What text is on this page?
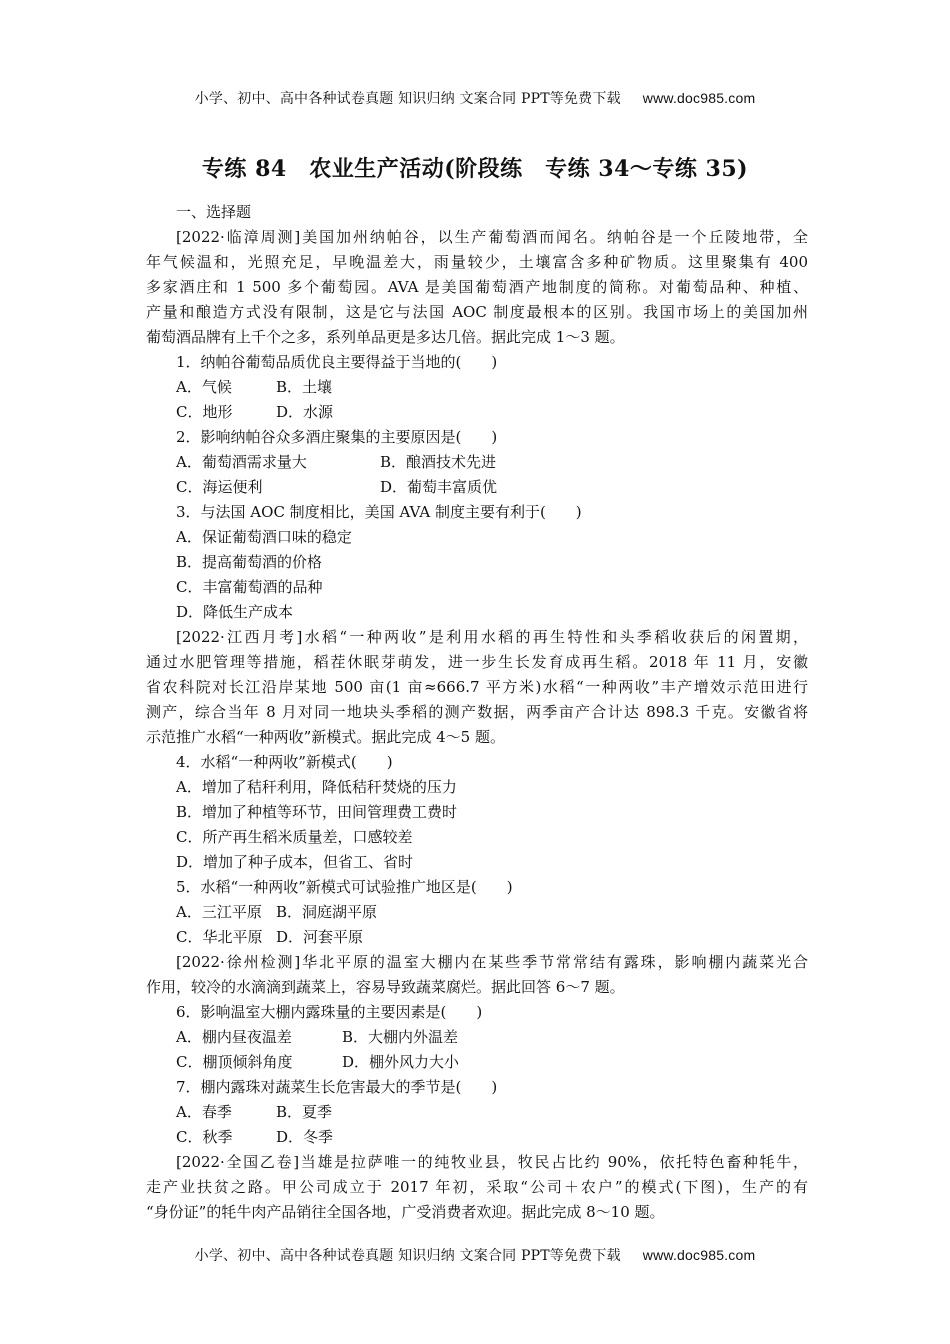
小学、初中、高中各种试卷真题 知识归纳 文案合同 PPT等免费下载 www.doc985.com
专练 84　农业生产活动(阶段练　专练 34～专练 35)
一、选择题
[2022·临漳周测]美国加州纳帕谷，以生产葡萄酒而闻名。纳帕谷是一个丘陵地带，全
年气候温和，光照充足，早晚温差大，雨量较少，土壤富含多种矿物质。这里聚集有 400
多家酒庄和 1 500 多个葡萄园。AVA 是美国葡萄酒产地制度的简称。对葡萄品种、种植、
产量和酿造方式没有限制，这是它与法国 AOC 制度最根本的区别。我国市场上的美国加州
葡萄酒品牌有上千个之多，系列单品更是多达几倍。据此完成 1～3 题。
1．纳帕谷葡萄品质优良主要得益于当地的(　　)
A．气候	B．土壤
C．地形	D．水源
2．影响纳帕谷众多酒庄聚集的主要原因是(　　)
A．葡萄酒需求量大	B．酿酒技术先进
C．海运便利	D．葡萄丰富质优
3．与法国 AOC 制度相比，美国 AVA 制度主要有利于(　　)
A．保证葡萄酒口味的稳定
B．提高葡萄酒的价格
C．丰富葡萄酒的品种
D．降低生产成本
[2022·江西月考]水稻“一种两收”是利用水稻的再生特性和头季稻收获后的闲置期，
通过水肥管理等措施，稻茬休眠芽萌发，进一步生长发育成再生稻。2018 年 11 月，安徽
省农科院对长江沿岸某地 500 亩(1 亩≈666.7 平方米)水稻“一种两收”丰产增效示范田进行
测产，综合当年 8 月对同一地块头季稻的测产数据，两季亩产合计达 898.3 千克。安徽省将
示范推广水稻“一种两收”新模式。据此完成 4～5 题。
4．水稻“一种两收”新模式(　　)
A．增加了秸秆利用，降低秸秆焚烧的压力
B．增加了种植等环节，田间管理费工费时
C．所产再生稻米质量差，口感较差
D．增加了种子成本，但省工、省时
5．水稻“一种两收”新模式可试验推广地区是(　　)
A．三江平原 B．洞庭湖平原
C．华北平原 D．河套平原
[2022·徐州检测]华北平原的温室大棚内在某些季节常常结有露珠，影响棚内蔬菜光合
作用，较冷的水滴滴到蔬菜上，容易导致蔬菜腐烂。据此回答 6～7 题。
6．影响温室大棚内露珠量的主要因素是(　　)
A．棚内昼夜温差	B．大棚内外温差
C．棚顶倾斜角度	D．棚外风力大小
7．棚内露珠对蔬菜生长危害最大的季节是(　　)
A．春季	B．夏季
C．秋季	D．冬季
[2022·全国乙卷]当雄是拉萨唯一的纯牧业县，牧民占比约 90%，依托特色畜种牦牛，
走产业扶贫之路。甲公司成立于 2017 年初，采取“公司＋农户”的模式(下图)，生产的有
“身份证”的牦牛肉产品销往全国各地，广受消费者欢迎。据此完成 8～10 题。
小学、初中、高中各种试卷真题 知识归纳 文案合同 PPT等免费下载 www.doc985.com
